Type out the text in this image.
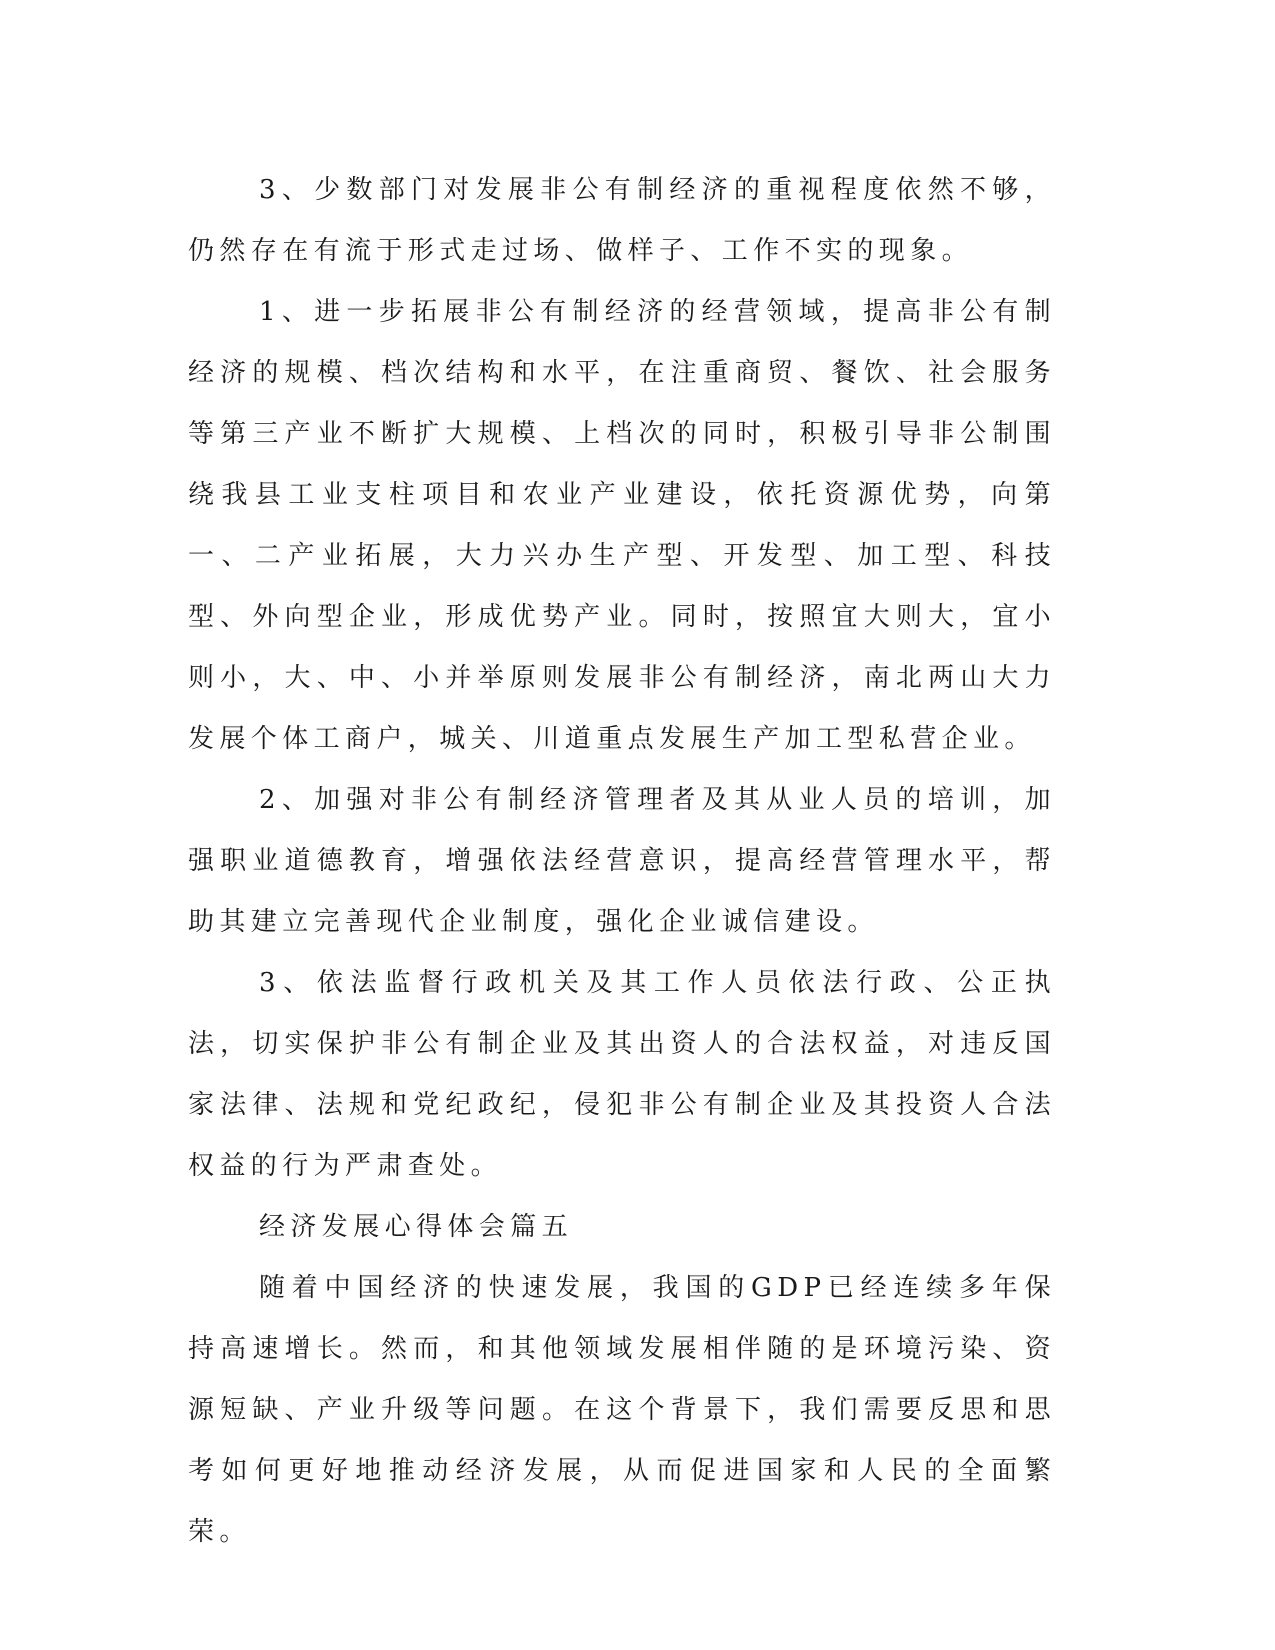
3、少数部门对发展非公有制经济的重视程度依然不够，仍然存在有流于形式走过场、做样子、工作不实的现象。

1、进一步拓展非公有制经济的经营领域，提高非公有制经济的规模、档次结构和水平，在注重商贸、餐饮、社会服务等第三产业不断扩大规模、上档次的同时，积极引导非公制围绕我县工业支柱项目和农业产业建设，依托资源优势，向第一、二产业拓展，大力兴办生产型、开发型、加工型、科技型、外向型企业，形成优势产业。同时，按照宜大则大，宜小则小，大、中、小并举原则发展非公有制经济，南北两山大力发展个体工商户，城关、川道重点发展生产加工型私营企业。

2、加强对非公有制经济管理者及其从业人员的培训，加强职业道德教育，增强依法经营意识，提高经营管理水平，帮助其建立完善现代企业制度，强化企业诚信建设。

3、依法监督行政机关及其工作人员依法行政、公正执法，切实保护非公有制企业及其出资人的合法权益，对违反国家法律、法规和党纪政纪，侵犯非公有制企业及其投资人合法权益的行为严肃查处。

经济发展心得体会篇五

随着中国经济的快速发展，我国的GDP已经连续多年保持高速增长。然而，和其他领域发展相伴随的是环境污染、资源短缺、产业升级等问题。在这个背景下，我们需要反思和思考如何更好地推动经济发展，从而促进国家和人民的全面繁荣。
